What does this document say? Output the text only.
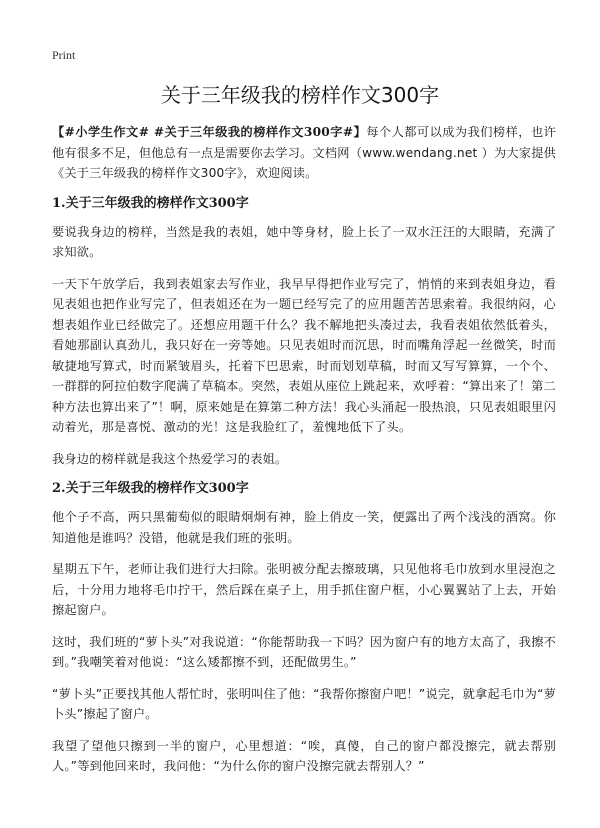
Print
关于三年级我的榜样作文300字

【#小学生作文# #关于三年级我的榜样作文300字#】每个人都可以成为我们榜样，也许他有很多不足，但他总有一点是需要你去学习。文档网（www.wendang.net ）为大家提供《关于三年级我的榜样作文300字》，欢迎阅读。

1.关于三年级我的榜样作文300字

要说我身边的榜样，当然是我的表姐，她中等身材，脸上长了一双水汪汪的大眼睛，充满了求知欲。

一天下午放学后，我到表姐家去写作业，我早早得把作业写完了，悄悄的来到表姐身边，看见表姐也把作业写完了，但表姐还在为一题已经写完了的应用题苦苦思索着。我很纳闷，心想表姐作业已经做完了。还想应用题干什么？我不解地把头凑过去，我看表姐依然低着头，看她那副认真劲儿，我只好在一旁等她。只见表姐时而沉思，时而嘴角浮起一丝微笑，时而敏捷地写算式，时而紧皱眉头，托着下巴思索，时而划划草稿，时而又写写算算，一个个、一群群的阿拉伯数字爬满了草稿本。突然，表姐从座位上跳起来，欢呼着：“算出来了！第二种方法也算出来了”！啊，原来她是在算第二种方法！我心头涌起一股热浪，只见表姐眼里闪动着光，那是喜悦、激动的光！这是我脸红了，羞愧地低下了头。

我身边的榜样就是我这个热爱学习的表姐。

2.关于三年级我的榜样作文300字

他个子不高，两只黑葡萄似的眼睛炯炯有神，脸上俏皮一笑，便露出了两个浅浅的酒窝。你知道他是谁吗？没错，他就是我们班的张明。

星期五下午，老师让我们进行大扫除。张明被分配去擦玻璃，只见他将毛巾放到水里浸泡之后，十分用力地将毛巾拧干，然后踩在桌子上，用手抓住窗户框，小心翼翼站了上去，开始擦起窗户。

这时，我们班的“萝卜头”对我说道：“你能帮助我一下吗？因为窗户有的地方太高了，我擦不到。”我嘲笑着对他说：“这么矮都擦不到，还配做男生。”

“萝卜头”正要找其他人帮忙时，张明叫住了他：“我帮你擦窗户吧！”说完，就拿起毛巾为“萝卜头”擦起了窗户。

我望了望他只擦到一半的窗户，心里想道：“唉，真傻，自己的窗户都没擦完，就去帮别人。”等到他回来时，我问他：“为什么你的窗户没擦完就去帮别人？”
